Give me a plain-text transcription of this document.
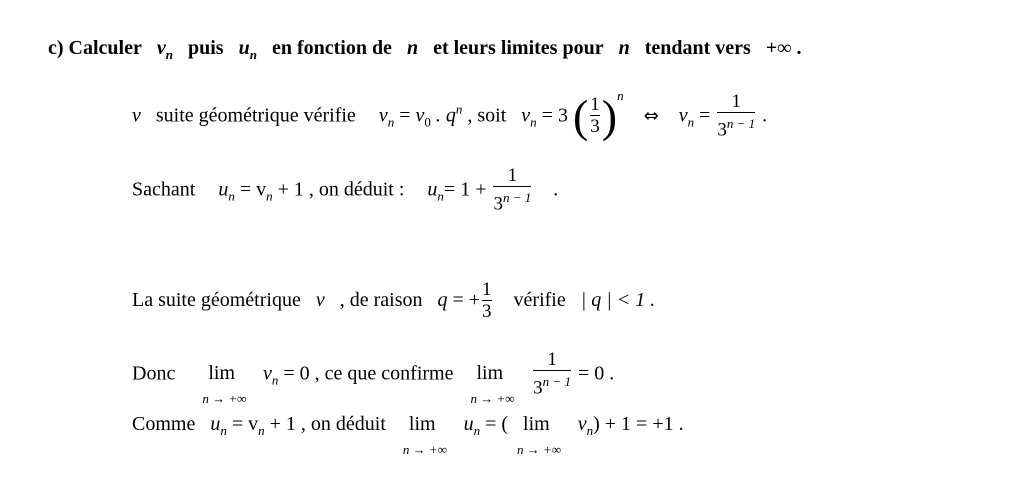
c) Calculer $v_n$ puis $u_n$ en fonction de n et leurs limites pour n tendant vers +∞ .
v suite géométrique vérifie $v_n = v_0$ . $q^n$ , soit $v_n = 3$ ( $\frac{1}{3} )^n$  ⇔ $v_n = \frac{1}{3^{n - 1}}$ .
Sachant $u_n = v_n + 1$ , on déduit : $u_n= 1 + \frac{1}{3^{n - 1}}$ .
La suite géométrique v , de raison q = + $\frac{1}{3}$ vérifie | q | < 1 .
Donc lim
n → +∞
$v_n = 0$ , ce que confirme lim
n → +∞
$\frac{1}{3^{n - 1}} = 0$ .
Comme $u_n = v_n + 1$ , on déduit lim
n → +∞
$u_n$ = ( lim
n → +∞
$v_n) + 1 = +1$ .
